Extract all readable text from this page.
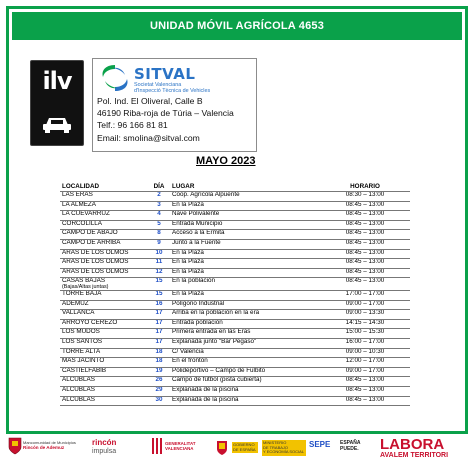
UNIDAD MÓVIL AGRÍCOLA 4653
ilv	SITVAL
Societat Valenciana
d'Inspecció Tècnica de Vehicles
Pol. Ind. El Oliveral, Calle B
46190 Riba-roja de Túria – Valencia
Telf.: 96 166 81 81
Email: smolina@sitval.com
MAYO 2023
LOCALIDAD	DÍA	LUGAR	HORARIO
LAS ERAS	2	Coop. Agrícola Alpuente	08:30 – 13:00
LA ALMEZA	3	En la Plaza	08:45 – 13:00
LA CUEVARRUZ	4	Nave Polivalente	08:45 – 13:00
CORCOLILLA	5	Entrada Municipio	08:45 – 13:00
CAMPO DE ABAJO	8	Acceso a la Ermita	08:45 – 13:00
CAMPO DE ARRIBA	9	Junto a la Fuente	08:45 – 13:00
ARAS DE LOS OLMOS	10	En la Plaza	08:45 – 13:00
ARAS DE LOS OLMOS	11	En la Plaza	08:45 – 13:00
ARAS DE LOS OLMOS	12	En la Plaza	08:45 – 13:00
CASAS BAJAS
(Bajas/Altas juntas)	15	En la población	08:45 – 13:00
TORRE BAJA	15	En la Plaza	17:00 – 17:00
ADEMUZ	16	Polígono Industrial	09:00 – 17:00
VALLANCA	17	Arriba en la población en la era	09:00 – 13:30
ARROYO CEREZO	17	Entrada población	14:15 – 14:30
LOS MUDOS	17	Primera entrada en las Eras	15:00 – 15:30
LOS SANTOS	17	Explanada junto "Bar Pegaso"	16:00 – 17:00
TORRE ALTA	18	C/ Valencia	09:00 – 10:30
MAS JACINTO	18	En el frontón	12:00 – 17:00
CASTIELFABIB	19	Polideportivo – Campo de Fulbito	09:00 – 17:00
ALCUBLAS	26	Campo de fútbol (pista cubierta)	08:45 – 13:00
ALCUBLAS	29	Explanada de la piscina	08:45 – 13:00
ALCUBLAS	30	Explanada de la piscina	08:45 – 13:00
Mancomunidad de Municipios
Rincón de Ademuz
rincón
impulsa
GENERALITAT
VALENCIANA
GOBIERNO
DE ESPAÑA
MINISTERIO
DE TRABAJO
Y ECONOMÍA SOCIAL
SEPE ESPAÑA
PUEDE.	LABORA
AVALEM TERRITORI
